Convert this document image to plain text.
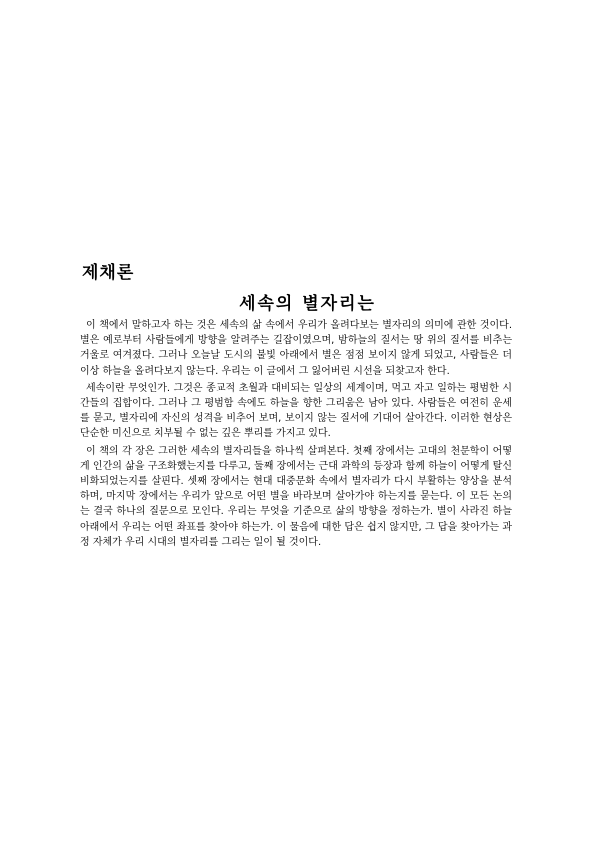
제채론
세속의 별자리는

이 책에서 말하고자 하는 것은 세속의 삶 속에서 우리가 올려다보는 별자리의 의미에 관한 것이다. 별은 예로부터 사람들에게 방향을 알려주는 길잡이였으며, 밤하늘의 질서는 땅 위의 질서를 비추는 거울로 여겨졌다. 그러나 오늘날 도시의 불빛 아래에서 별은 점점 보이지 않게 되었고, 사람들은 더 이상 하늘을 올려다보지 않는다. 우리는 이 글에서 그 잃어버린 시선을 되찾고자 한다.

세속이란 무엇인가. 그것은 종교적 초월과 대비되는 일상의 세계이며, 먹고 자고 일하는 평범한 시간들의 집합이다. 그러나 그 평범함 속에도 하늘을 향한 그리움은 남아 있다. 사람들은 여전히 운세를 묻고, 별자리에 자신의 성격을 비추어 보며, 보이지 않는 질서에 기대어 살아간다. 이러한 현상은 단순한 미신으로 치부될 수 없는 깊은 뿌리를 가지고 있다.

이 책의 각 장은 그러한 세속의 별자리들을 하나씩 살펴본다. 첫째 장에서는 고대의 천문학이 어떻게 인간의 삶을 구조화했는지를 다루고, 둘째 장에서는 근대 과학의 등장과 함께 하늘이 어떻게 탈신비화되었는지를 살핀다. 셋째 장에서는 현대 대중문화 속에서 별자리가 다시 부활하는 양상을 분석하며, 마지막 장에서는 우리가 앞으로 어떤 별을 바라보며 살아가야 하는지를 묻는다. 이 모든 논의는 결국 하나의 질문으로 모인다. 우리는 무엇을 기준으로 삶의 방향을 정하는가. 별이 사라진 하늘 아래에서 우리는 어떤 좌표를 찾아야 하는가. 이 물음에 대한 답은 쉽지 않지만, 그 답을 찾아가는 과정 자체가 우리 시대의 별자리를 그리는 일이 될 것이다.
